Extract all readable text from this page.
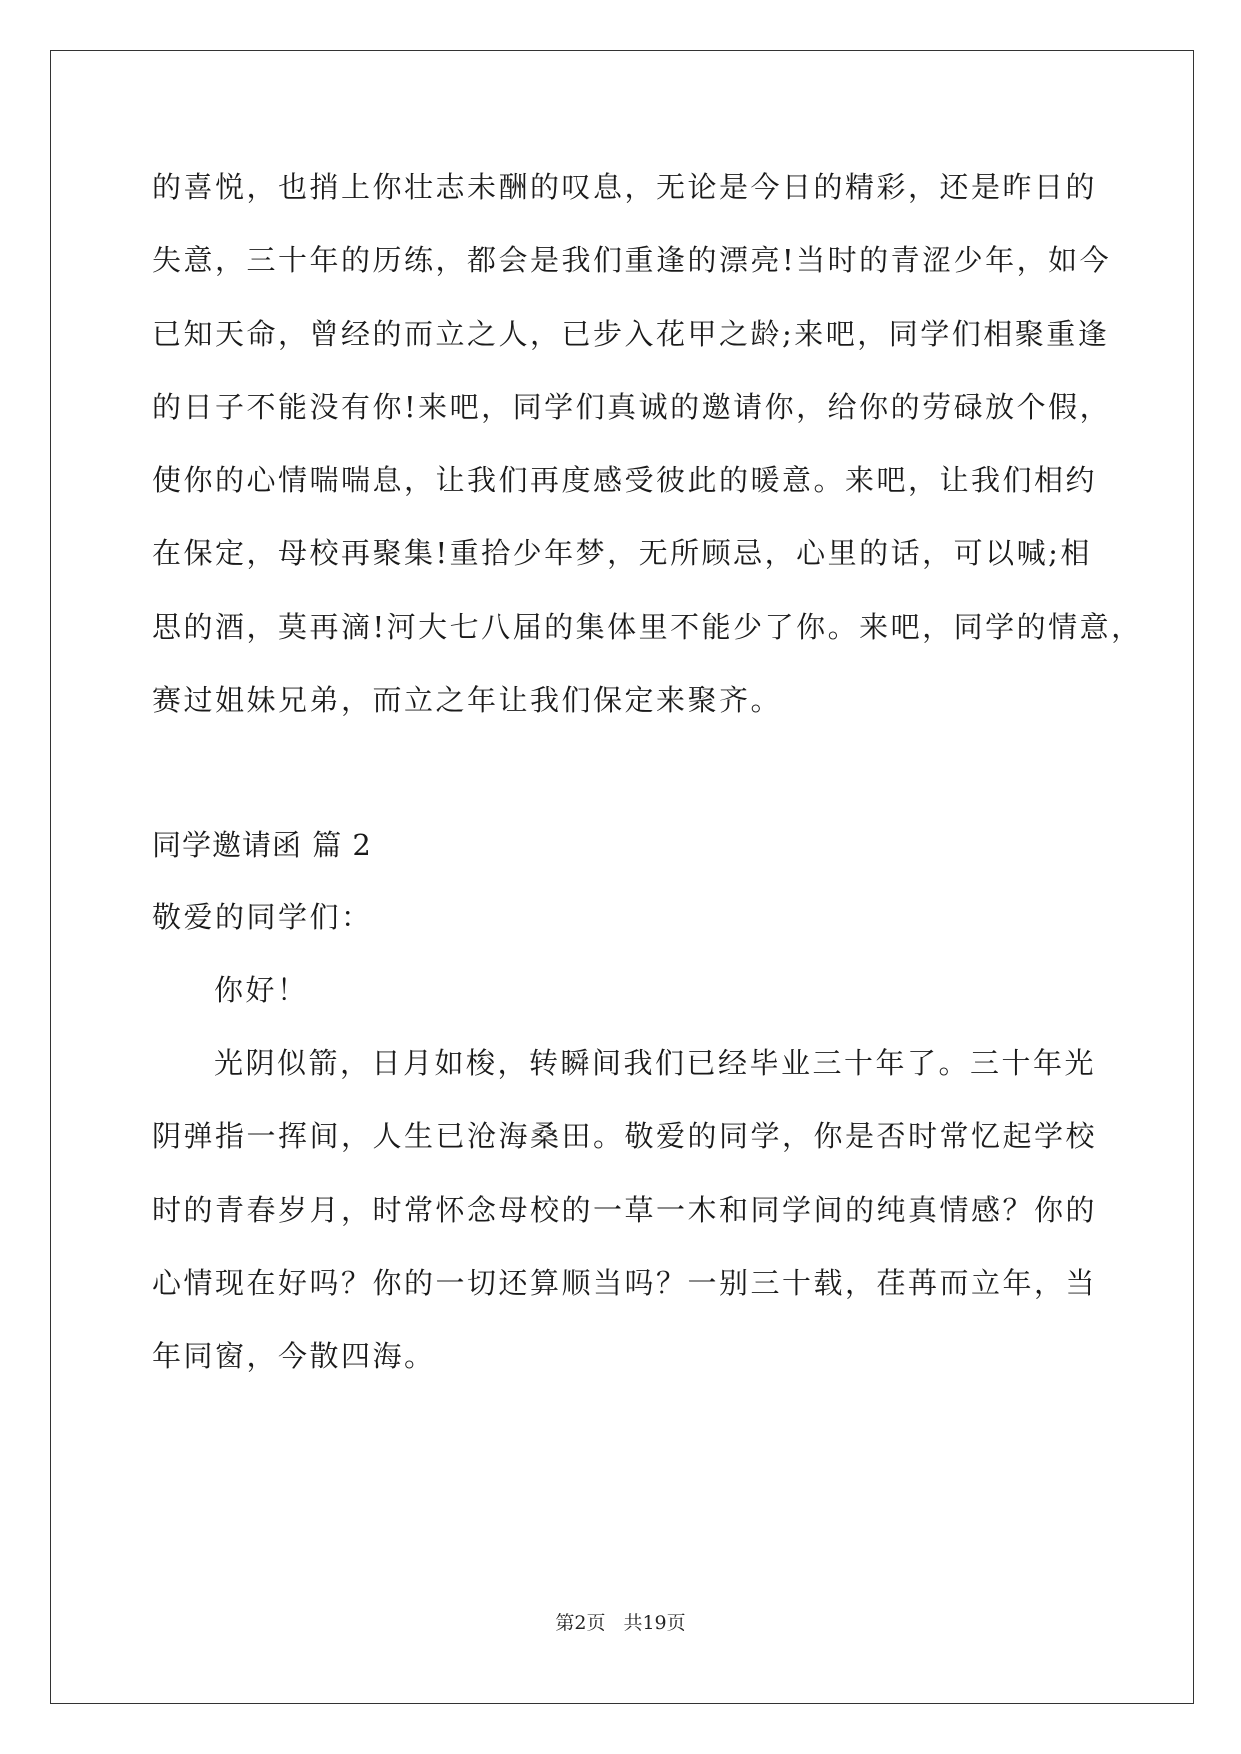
的喜悦，也捎上你壮志未酬的叹息，无论是今日的精彩，还是昨日的
失意，三十年的历练，都会是我们重逢的漂亮!当时的青涩少年，如今
已知天命，曾经的而立之人，已步入花甲之龄;来吧，同学们相聚重逢
的日子不能没有你!来吧，同学们真诚的邀请你，给你的劳碌放个假，
使你的心情喘喘息，让我们再度感受彼此的暖意。来吧，让我们相约
在保定，母校再聚集!重拾少年梦，无所顾忌，心里的话，可以喊;相
思的酒，莫再滴!河大七八届的集体里不能少了你。来吧，同学的情意，
赛过姐妹兄弟，而立之年让我们保定来聚齐。
同学邀请函 篇 2
敬爱的同学们：
你好！
光阴似箭，日月如梭，转瞬间我们已经毕业三十年了。三十年光
阴弹指一挥间，人生已沧海桑田。敬爱的同学，你是否时常忆起学校
时的青春岁月，时常怀念母校的一草一木和同学间的纯真情感？你的
心情现在好吗？你的一切还算顺当吗？一别三十载，荏苒而立年，当
年同窗，今散四海。
第2页 共19页
